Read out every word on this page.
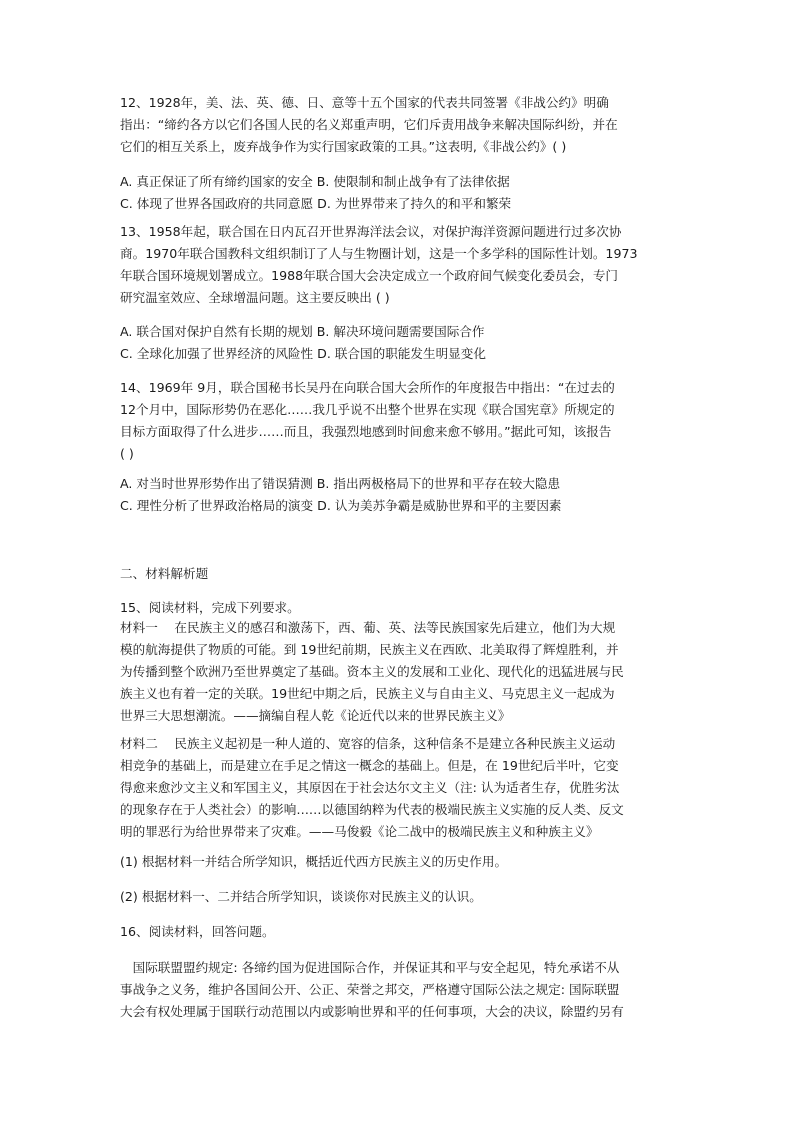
12、1928年，美、法、英、德、日、意等十五个国家的代表共同签署《非战公约》明确
指出：“缔约各方以它们各国人民的名义郑重声明，它们斥责用战争来解决国际纠纷，并在
它们的相互关系上，废弃战争作为实行国家政策的工具。”这表明,《非战公约》( )
A. 真正保证了所有缔约国家的安全 B. 使限制和制止战争有了法律依据
C. 体现了世界各国政府的共同意愿 D. 为世界带来了持久的和平和繁荣
13、1958年起，联合国在日内瓦召开世界海洋法会议，对保护海洋资源问题进行过多次协
商。1970年联合国教科文组织制订了人与生物圈计划，这是一个多学科的国际性计划。1973
年联合国环境规划署成立。1988年联合国大会决定成立一个政府间气候变化委员会，专门
研究温室效应、全球增温问题。这主要反映出 ( )
A. 联合国对保护自然有长期的规划 B. 解决环境问题需要国际合作
C. 全球化加强了世界经济的风险性 D. 联合国的职能发生明显变化
14、1969年 9月，联合国秘书长吴丹在向联合国大会所作的年度报告中指出：“在过去的
12个月中，国际形势仍在恶化……我几乎说不出整个世界在实现《联合国宪章》所规定的
目标方面取得了什么进步……而且，我强烈地感到时间愈来愈不够用。”据此可知，该报告
( )
A. 对当时世界形势作出了错误猜测 B. 指出两极格局下的世界和平存在较大隐患
C. 理性分析了世界政治格局的演变 D. 认为美苏争霸是威胁世界和平的主要因素
二、材料解析题
15、阅读材料，完成下列要求。
材料一　 在民族主义的感召和激荡下，西、葡、英、法等民族国家先后建立，他们为大规
模的航海提供了物质的可能。到 19世纪前期，民族主义在西欧、北美取得了辉煌胜利，并
为传播到整个欧洲乃至世界奠定了基础。资本主义的发展和工业化、现代化的迅猛进展与民
族主义也有着一定的关联。19世纪中期之后，民族主义与自由主义、马克思主义一起成为
世界三大思想潮流。——摘编自程人乾《论近代以来的世界民族主义》
材料二　 民族主义起初是一种人道的、宽容的信条，这种信条不是建立各种民族主义运动
相竞争的基础上，而是建立在手足之情这一概念的基础上。但是，在 19世纪后半叶，它变
得愈来愈沙文主义和军国主义，其原因在于社会达尔文主义（注: 认为适者生存，优胜劣汰
的现象存在于人类社会）的影响……以德国纳粹为代表的极端民族主义实施的反人类、反文
明的罪恶行为给世界带来了灾难。——马俊毅《论二战中的极端民族主义和种族主义》
(1) 根据材料一并结合所学知识，概括近代西方民族主义的历史作用。
(2) 根据材料一、二并结合所学知识，谈谈你对民族主义的认识。
16、阅读材料，回答问题。
　国际联盟盟约规定: 各缔约国为促进国际合作，并保证其和平与安全起见，特允承诺不从
事战争之义务，维护各国间公开、公正、荣誉之邦交，严格遵守国际公法之规定: 国际联盟
大会有权处理属于国联行动范围以内或影响世界和平的任何事项，大会的决议，除盟约另有
